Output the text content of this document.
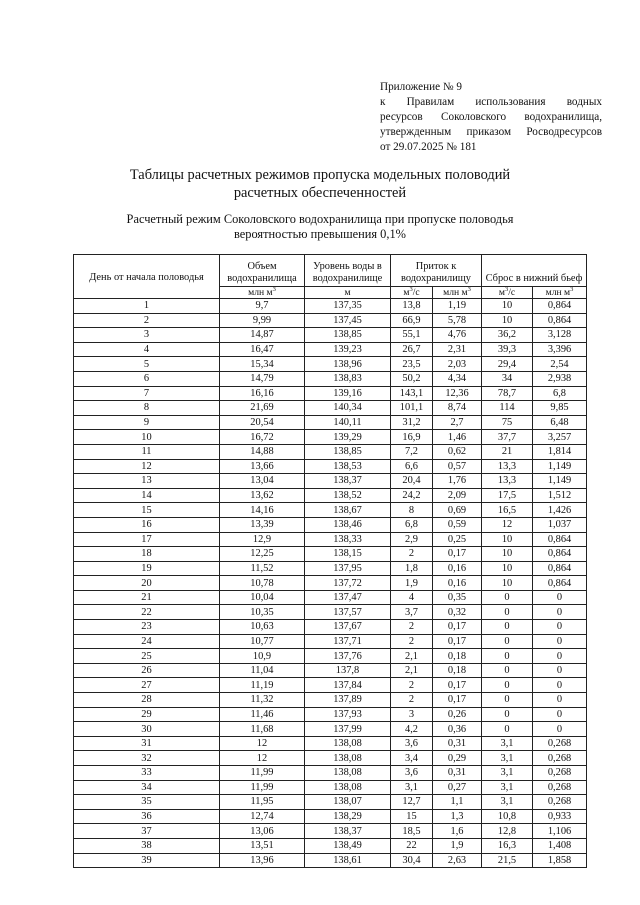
Приложение № 9
к Правилам использования водных
ресурсов Соколовского водохранилища,
утвержденным приказом Росводресурсов
от 29.07.2025 № 181
Таблицы расчетных режимов пропуска модельных половодий
расчетных обеспеченностей
Расчетный режим Соколовского водохранилища при пропуске половодья
вероятностью превышения 0,1%
День от начала половодья	Объем водохранилища	Уровень воды в водохранилище	Приток к водохранилищу		Сброс в нижний бьеф	
	млн $м^3$	м	$м^3/с$	млн $м^3$	$м^3/с$	млн $м^3$
1	9,7	137,35	13,8	1,19	10	0,864
2	9,99	137,45	66,9	5,78	10	0,864
3	14,87	138,85	55,1	4,76	36,2	3,128
4	16,47	139,23	26,7	2,31	39,3	3,396
5	15,34	138,96	23,5	2,03	29,4	2,54
6	14,79	138,83	50,2	4,34	34	2,938
7	16,16	139,16	143,1	12,36	78,7	6,8
8	21,69	140,34	101,1	8,74	114	9,85
9	20,54	140,11	31,2	2,7	75	6,48
10	16,72	139,29	16,9	1,46	37,7	3,257
11	14,88	138,85	7,2	0,62	21	1,814
12	13,66	138,53	6,6	0,57	13,3	1,149
13	13,04	138,37	20,4	1,76	13,3	1,149
14	13,62	138,52	24,2	2,09	17,5	1,512
15	14,16	138,67	8	0,69	16,5	1,426
16	13,39	138,46	6,8	0,59	12	1,037
17	12,9	138,33	2,9	0,25	10	0,864
18	12,25	138,15	2	0,17	10	0,864
19	11,52	137,95	1,8	0,16	10	0,864
20	10,78	137,72	1,9	0,16	10	0,864
21	10,04	137,47	4	0,35	0	0
22	10,35	137,57	3,7	0,32	0	0
23	10,63	137,67	2	0,17	0	0
24	10,77	137,71	2	0,17	0	0
25	10,9	137,76	2,1	0,18	0	0
26	11,04	137,8	2,1	0,18	0	0
27	11,19	137,84	2	0,17	0	0
28	11,32	137,89	2	0,17	0	0
29	11,46	137,93	3	0,26	0	0
30	11,68	137,99	4,2	0,36	0	0
31	12	138,08	3,6	0,31	3,1	0,268
32	12	138,08	3,4	0,29	3,1	0,268
33	11,99	138,08	3,6	0,31	3,1	0,268
34	11,99	138,08	3,1	0,27	3,1	0,268
35	11,95	138,07	12,7	1,1	3,1	0,268
36	12,74	138,29	15	1,3	10,8	0,933
37	13,06	138,37	18,5	1,6	12,8	1,106
38	13,51	138,49	22	1,9	16,3	1,408
39	13,96	138,61	30,4	2,63	21,5	1,858
